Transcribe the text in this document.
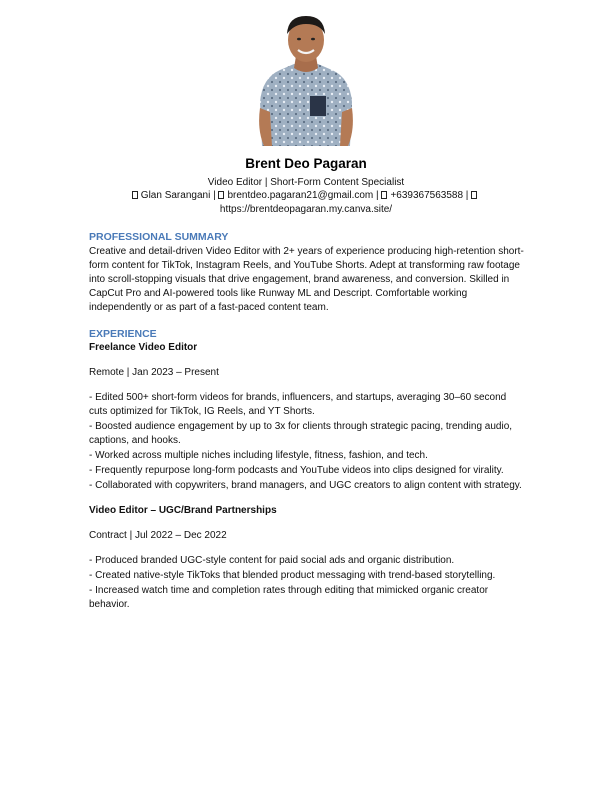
Brent Deo Pagaran
Video Editor | Short-Form Content Specialist
Glan Sarangani | brentdeo.pagaran21@gmail.com | +639367563588 |
https://brentdeopagaran.my.canva.site/
PROFESSIONAL SUMMARY

Creative and detail-driven Video Editor with 2+ years of experience producing high-retention short-form content for TikTok, Instagram Reels, and YouTube Shorts. Adept at transforming raw footage into scroll-stopping visuals that drive engagement, brand awareness, and conversion. Skilled in CapCut Pro and AI-powered tools like Runway ML and Descript. Comfortable working independently or as part of a fast-paced content team.

EXPERIENCE

Freelance Video Editor

Remote | Jan 2023 – Present

- Edited 500+ short-form videos for brands, influencers, and startups, averaging 30–60 second cuts optimized for TikTok, IG Reels, and YT Shorts.
- Boosted audience engagement by up to 3x for clients through strategic pacing, trending audio, captions, and hooks.
- Worked across multiple niches including lifestyle, fitness, fashion, and tech.
- Frequently repurpose long-form podcasts and YouTube videos into clips designed for virality.
- Collaborated with copywriters, brand managers, and UGC creators to align content with strategy.

Video Editor – UGC/Brand Partnerships

Contract | Jul 2022 – Dec 2022

- Produced branded UGC-style content for paid social ads and organic distribution.
- Created native-style TikToks that blended product messaging with trend-based storytelling.
- Increased watch time and completion rates through editing that mimicked organic creator behavior.
